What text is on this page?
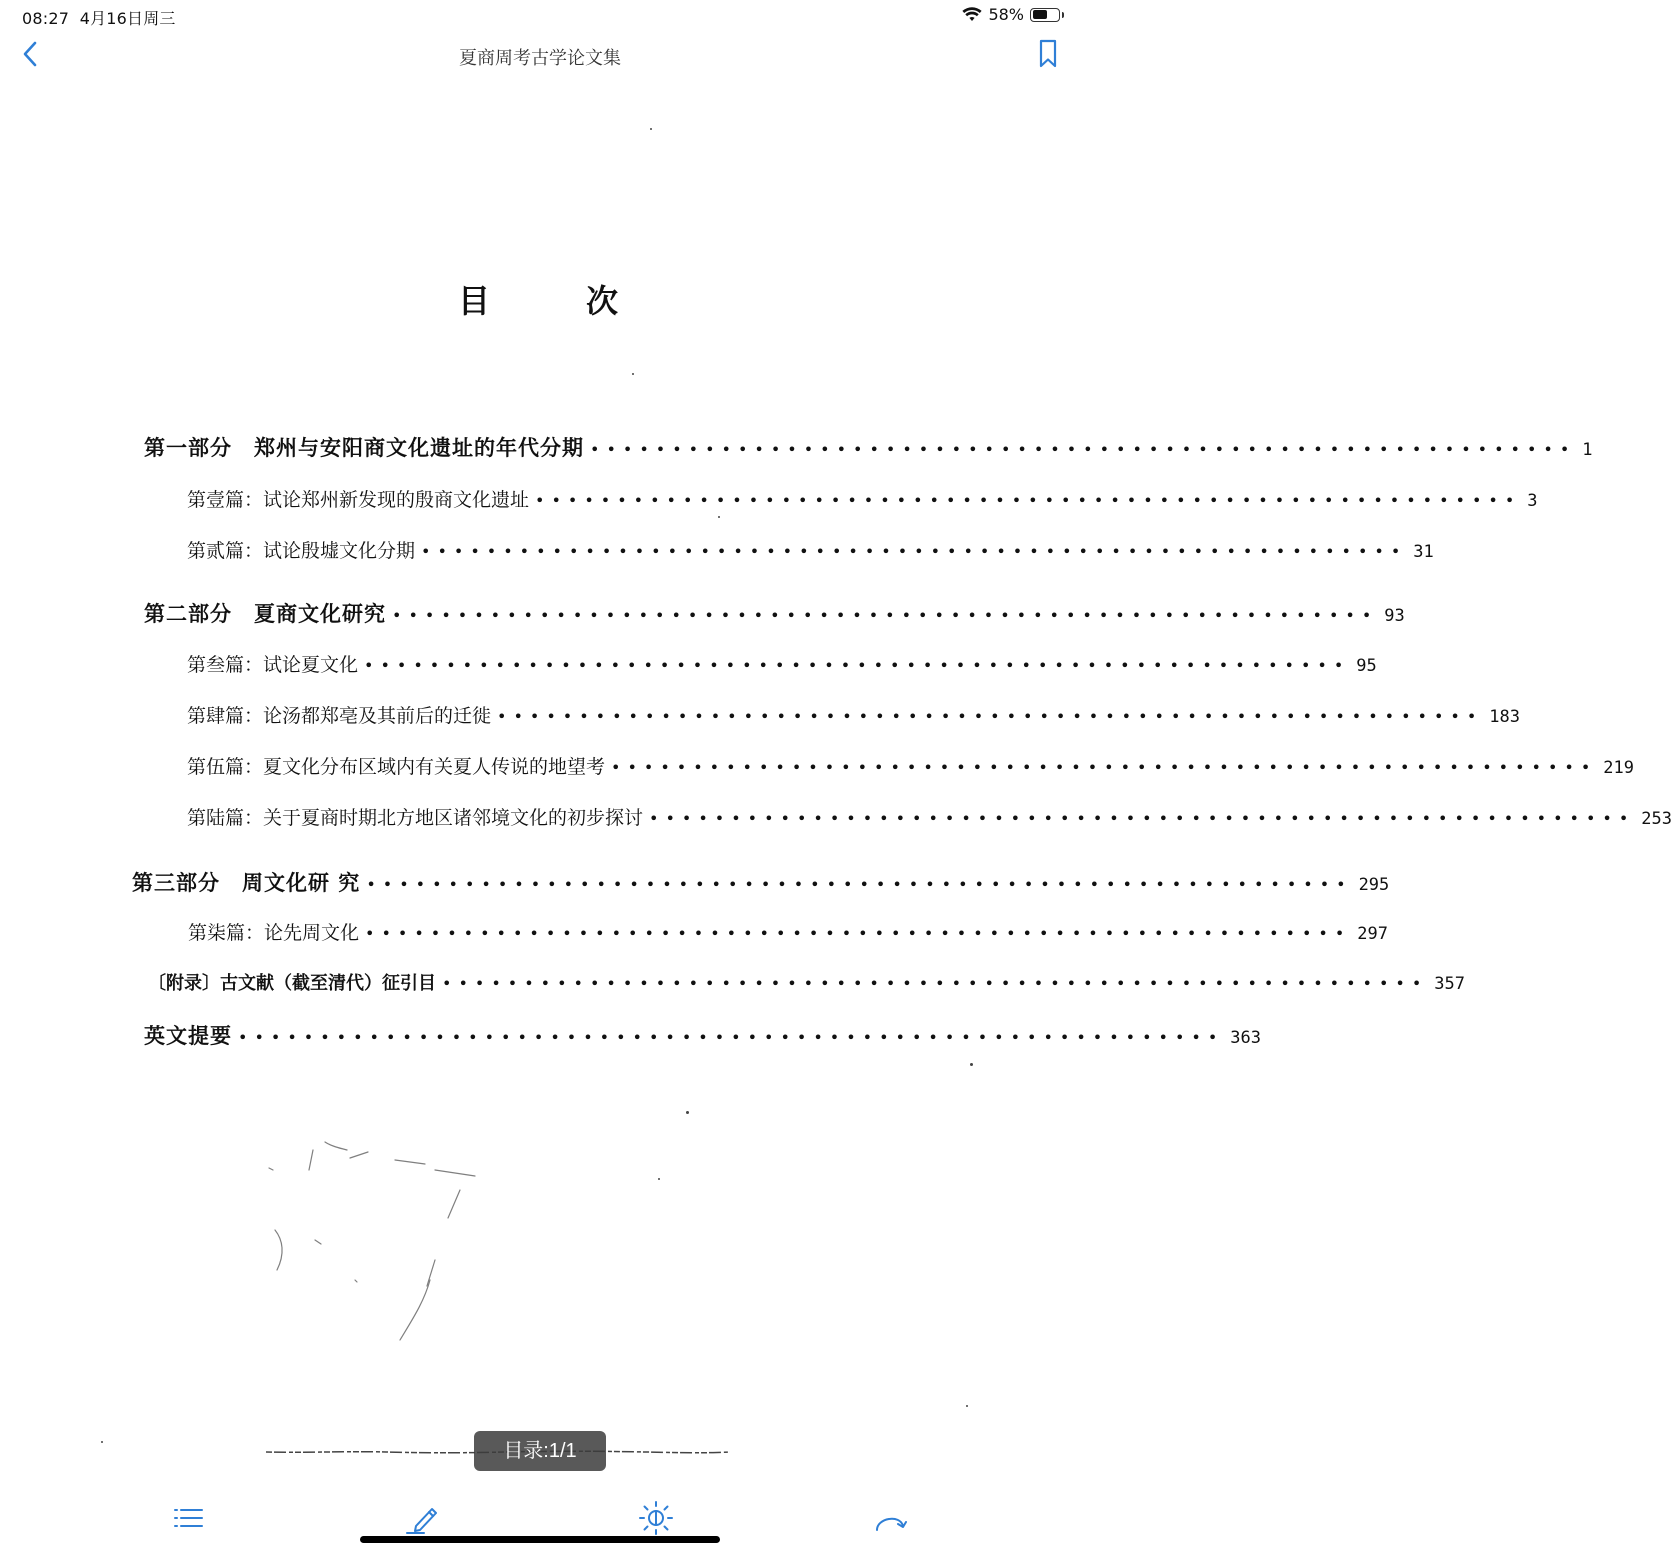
08:27 4月16日周三	58%
夏商周考古学论文集
目	次
第一部分　郑州与安阳商文化遗址的年代分期 •••••••••••••••••••••••••••••••••••••••••••••••••••••••••••• 1
第壹篇：试论郑州新发现的殷商文化遗址 •••••••••••••••••••••••••••••••••••••••••••••••••••••••••••• 3
第贰篇：试论殷墟文化分期 •••••••••••••••••••••••••••••••••••••••••••••••••••••••••••• 31
第二部分　夏商文化研究 •••••••••••••••••••••••••••••••••••••••••••••••••••••••••••• 93
第叁篇：试论夏文化 •••••••••••••••••••••••••••••••••••••••••••••••••••••••••••• 95
第肆篇：论汤都郑亳及其前后的迁徙 •••••••••••••••••••••••••••••••••••••••••••••••••••••••••••• 183
第伍篇：夏文化分布区域内有关夏人传说的地望考 •••••••••••••••••••••••••••••••••••••••••••••••••••••••••••• 219
第陆篇：关于夏商时期北方地区诸邻境文化的初步探讨 •••••••••••••••••••••••••••••••••••••••••••••••••••••••••••• 253
第三部分　周文化研 究 •••••••••••••••••••••••••••••••••••••••••••••••••••••••••••• 295
第柒篇：论先周文化 •••••••••••••••••••••••••••••••••••••••••••••••••••••••••••• 297
〔附录〕古文献（截至清代）征引目 •••••••••••••••••••••••••••••••••••••••••••••••••••••••••••• 357
英文提要 •••••••••••••••••••••••••••••••••••••••••••••••••••••••••••• 363
目录:1/1
